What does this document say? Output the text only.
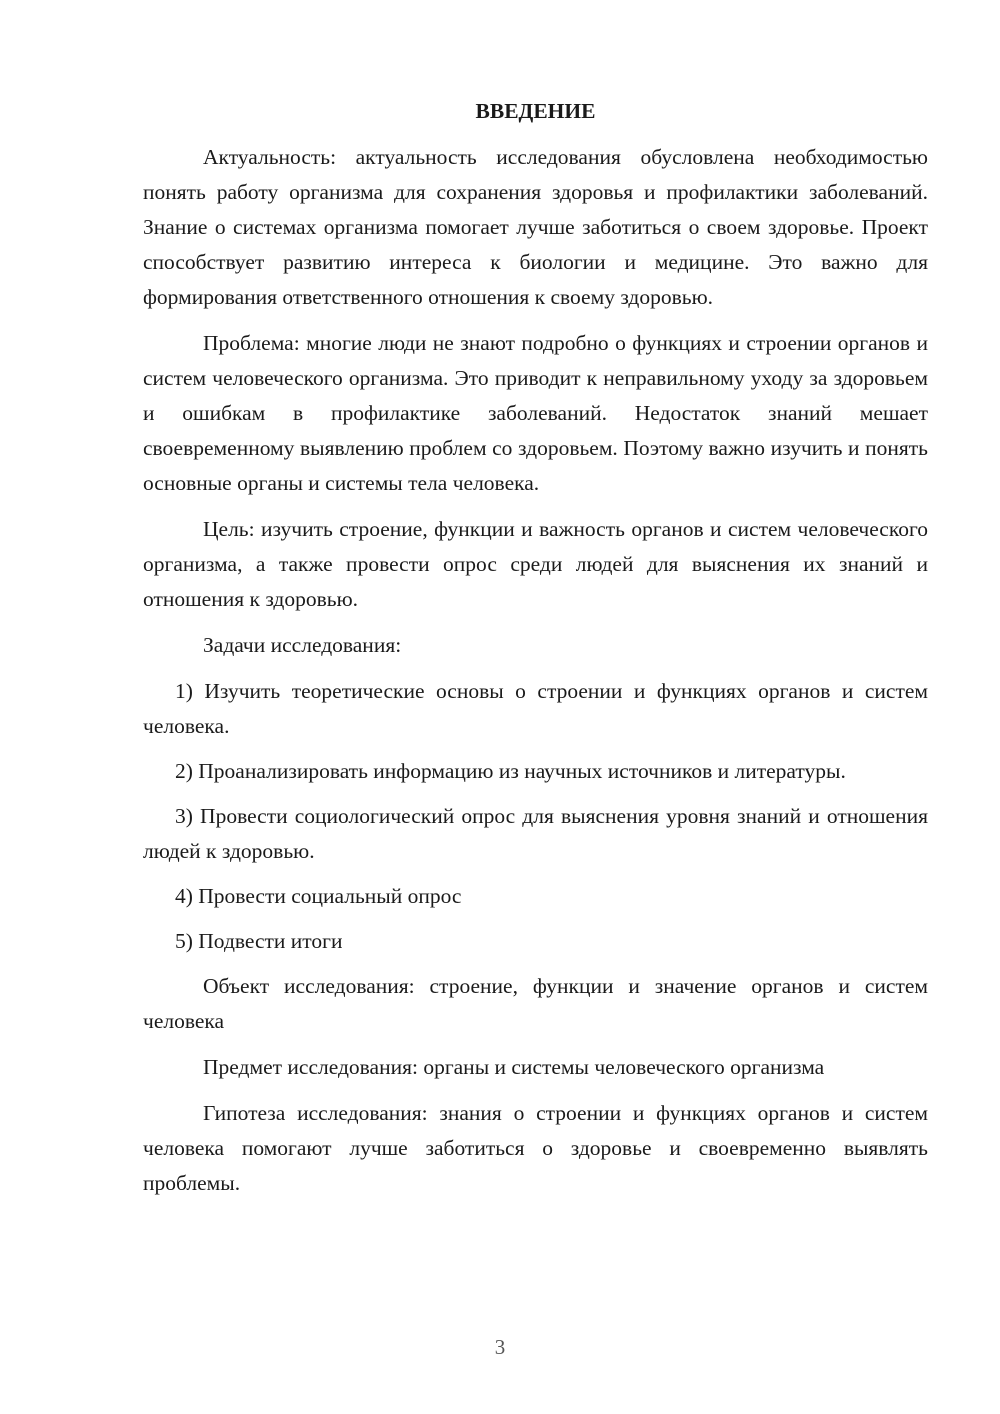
ВВЕДЕНИЕ

Актуальность: актуальность исследования обусловлена необходимостью понять работу организма для сохранения здоровья и профилактики заболеваний. Знание о системах организма помогает лучше заботиться о своем здоровье. Проект способствует развитию интереса к биологии и медицине. Это важно для формирования ответственного отношения к своему здоровью.

Проблема: многие люди не знают подробно о функциях и строении органов и систем человеческого организма. Это приводит к неправильному уходу за здоровьем и ошибкам в профилактике заболеваний. Недостаток знаний мешает своевременному выявлению проблем со здоровьем. Поэтому важно изучить и понять основные органы и системы тела человека.

Цель: изучить строение, функции и важность органов и систем человеческого организма, а также провести опрос среди людей для выяснения их знаний и отношения к здоровью.

Задачи исследования:

1) Изучить теоретические основы о строении и функциях органов и систем человека.

2) Проанализировать информацию из научных источников и литературы.

3) Провести социологический опрос для выяснения уровня знаний и отношения людей к здоровью.

4) Провести социальный опрос

5) Подвести итоги

Объект исследования: строение, функции и значение органов и систем человека

Предмет исследования: органы и системы человеческого организма

Гипотеза исследования: знания о строении и функциях органов и систем человека помогают лучше заботиться о здоровье и своевременно выявлять проблемы.

3
